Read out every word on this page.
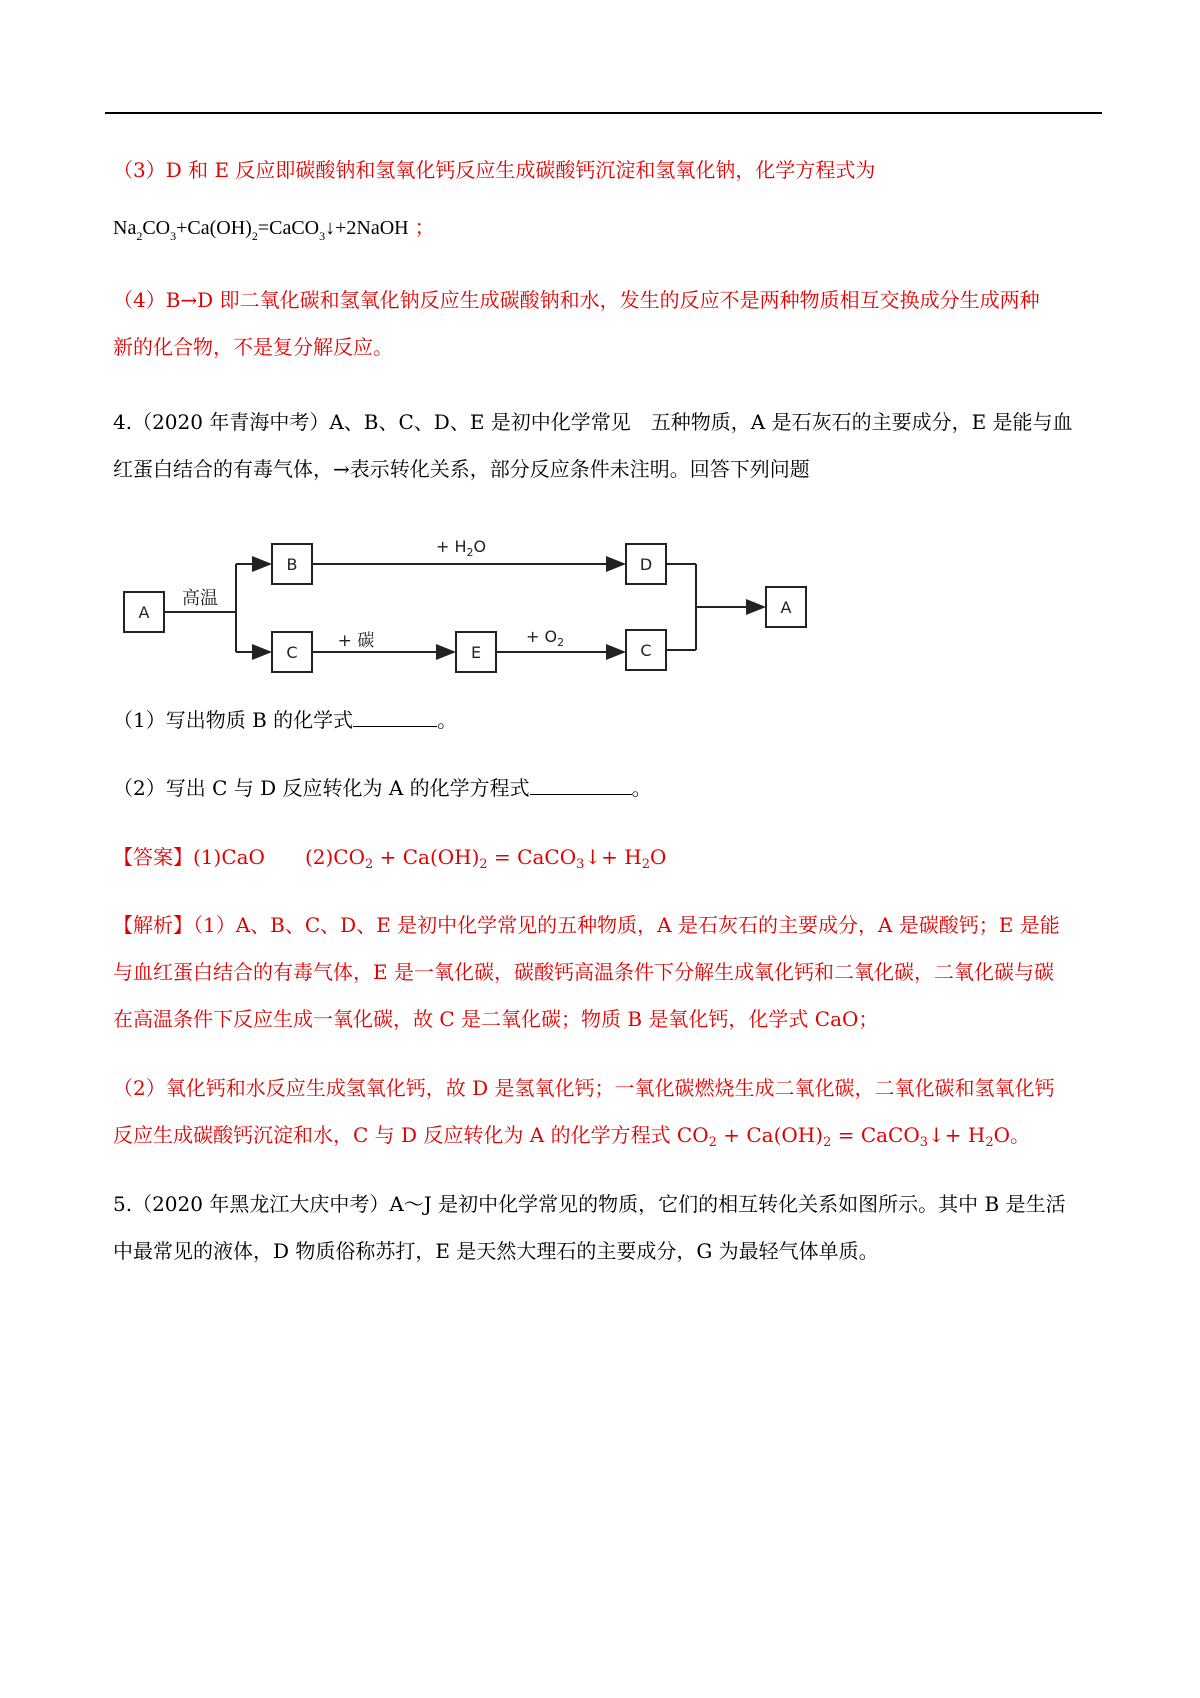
（3）D 和 E 反应即碳酸钠和氢氧化钙反应生成碳酸钙沉淀和氢氧化钠，化学方程式为
$Na_2CO_3+Ca(OH)_2=CaCO_3↓+2NaOH$ ；
（4）B→D 即二氧化碳和氢氧化钠反应生成碳酸钠和水，发生的反应不是两种物质相互交换成分生成两种
新的化合物，不是复分解反应。
4.（2020 年青海中考）A、B、C、D、E 是初中化学常见　五种物质，A 是石灰石的主要成分，E 是能与血
红蛋白结合的有毒气体，→表示转化关系，部分反应条件未注明。回答下列问题
A
B
C	E
D
C
A
高温
+ 碳
+ $H_2O$
+ $O_2$
（1）写出物质 B 的化学式	。
（2）写出 C 与 D 反应转化为 A 的化学方程式	。
【答案】(1)CaO $(2)CO_2 + Ca(OH)_2$ = CaCO$_3$↓+ $H_2O$
【解析】（1）A、B、C、D、E 是初中化学常见的五种物质，A 是石灰石的主要成分，A 是碳酸钙；E 是能
与血红蛋白结合的有毒气体，E 是一氧化碳，碳酸钙高温条件下分解生成氧化钙和二氧化碳，二氧化碳与碳
在高温条件下反应生成一氧化碳，故 C 是二氧化碳；物质 B 是氧化钙，化学式 CaO；
（2）氧化钙和水反应生成氢氧化钙，故 D 是氢氧化钙；一氧化碳燃烧生成二氧化碳，二氧化碳和氢氧化钙
反应生成碳酸钙沉淀和水，C 与 D 反应转化为 A 的化学方程式 $CO_2 + Ca(OH)_2$ = CaCO$_3$↓+ $H_2O$。
5.（2020 年黑龙江大庆中考）A～J 是初中化学常见的物质，它们的相互转化关系如图所示。其中 B 是生活
中最常见的液体，D 物质俗称苏打，E 是天然大理石的主要成分，G 为最轻气体单质。
